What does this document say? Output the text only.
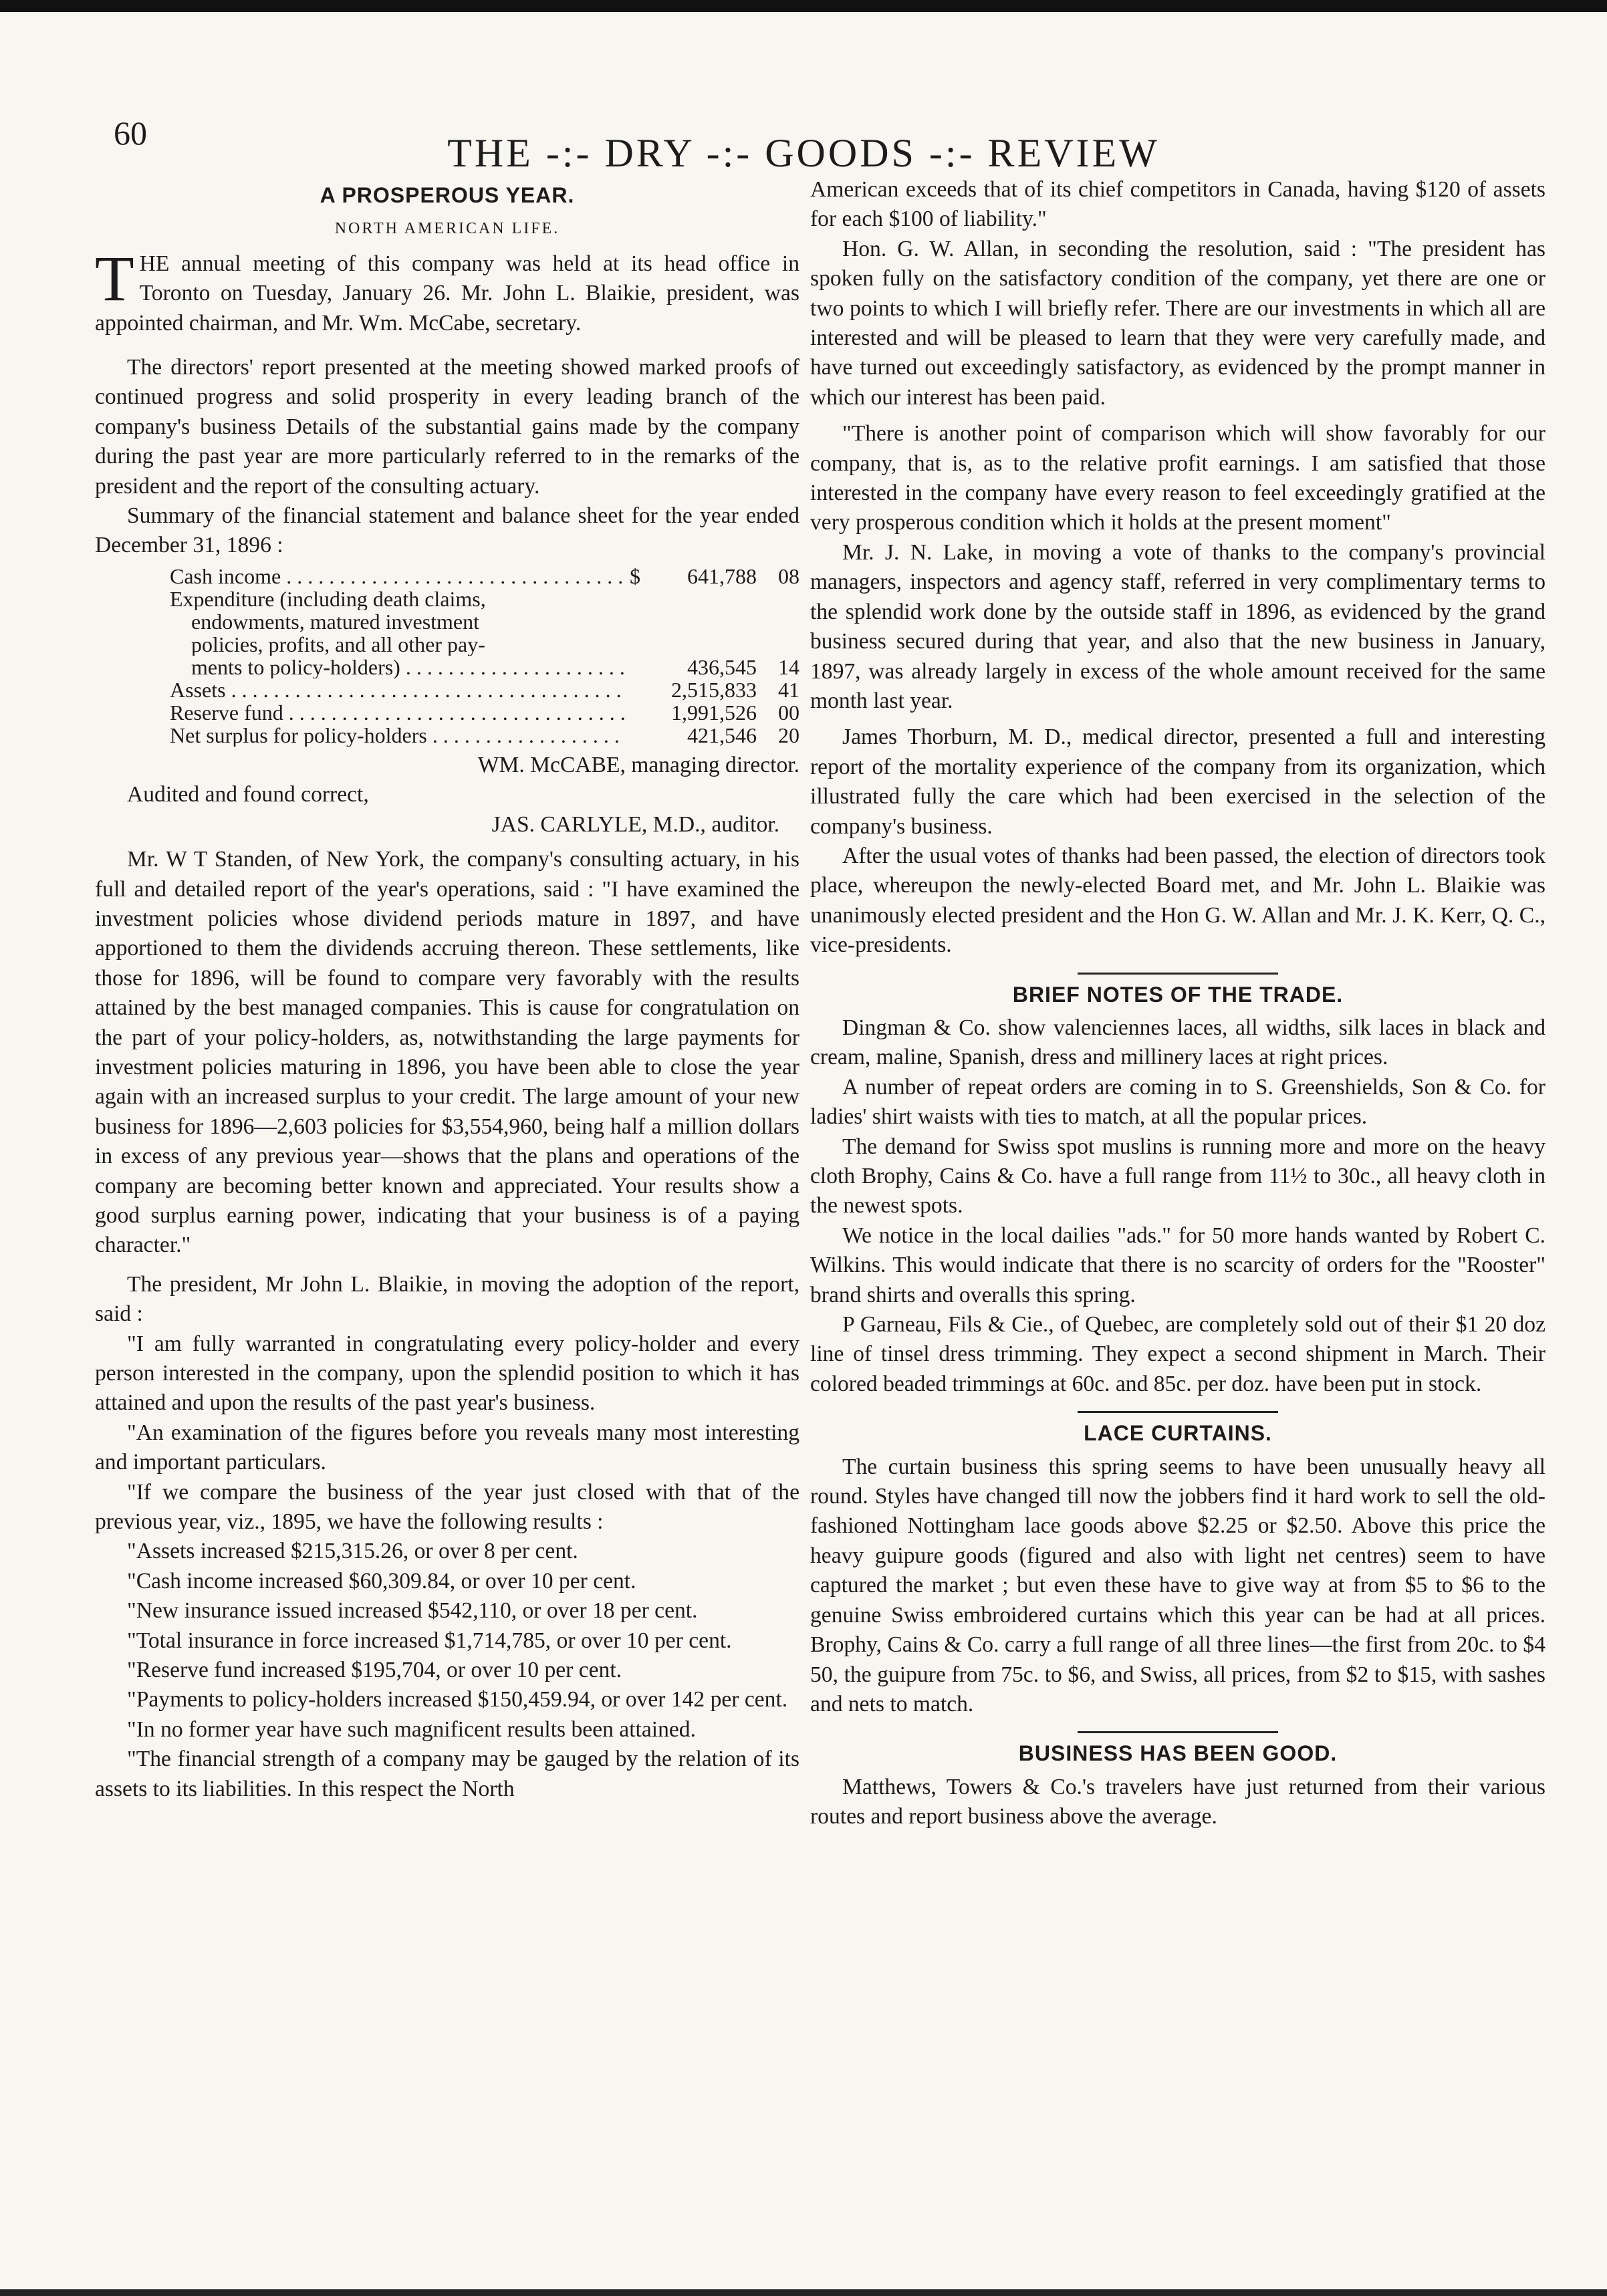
60	THE -:- DRY -:- GOODS -:- REVIEW
A PROSPEROUS YEAR.
NORTH AMERICAN LIFE.

THE annual meeting of this company was held at its head office in Toronto on Tuesday, January 26. Mr. John L. Blaikie, president, was appointed chairman, and Mr. Wm. McCabe, secretary.

The directors' report presented at the meeting showed marked proofs of continued progress and solid prosperity in every leading branch of the company's business Details of the substantial gains made by the company during the past year are more particularly referred to in the remarks of the president and the report of the consulting actuary.

Summary of the financial statement and balance sheet for the year ended December 31, 1896 :

Cash income . . .	$	641,788	08
Expenditure (including death claims,
endowments, matured investment
policies, profits, and all other pay-
ments to policy-holders) . . .	436,545	14
Assets . . .	2,515,833	41
Reserve fund . . .	1,991,526	00
Net surplus for policy-holders . . .	421,546	20
WM. McCABE, managing director.

Audited and found correct,

JAS. CARLYLE, M.D., auditor.

Mr. W T Standen, of New York, the company's consulting actuary, in his full and detailed report of the year's operations, said : "I have examined the investment policies whose dividend periods mature in 1897, and have apportioned to them the dividends accruing thereon. These settlements, like those for 1896, will be found to compare very favorably with the results attained by the best managed companies. This is cause for congratulation on the part of your policy-holders, as, notwithstanding the large payments for investment policies maturing in 1896, you have been able to close the year again with an increased surplus to your credit. The large amount of your new business for 1896—2,603 policies for $3,554,960, being half a million dollars in excess of any previous year—shows that the plans and operations of the company are becoming better known and appreciated. Your results show a good surplus earning power, indicating that your business is of a paying character."

The president, Mr John L. Blaikie, in moving the adoption of the report, said :

"I am fully warranted in congratulating every policy-holder and every person interested in the company, upon the splendid position to which it has attained and upon the results of the past year's business.

"An examination of the figures before you reveals many most interesting and important particulars.

"If we compare the business of the year just closed with that of the previous year, viz., 1895, we have the following results :

"Assets increased $215,315.26, or over 8 per cent.

"Cash income increased $60,309.84, or over 10 per cent.

"New insurance issued increased $542,110, or over 18 per cent.

"Total insurance in force increased $1,714,785, or over 10 per cent.

"Reserve fund increased $195,704, or over 10 per cent.

"Payments to policy-holders increased $150,459.94, or over 142 per cent.

"In no former year have such magnificent results been attained.

"The financial strength of a company may be gauged by the relation of its assets to its liabilities. In this respect the North

American exceeds that of its chief competitors in Canada, having $120 of assets for each $100 of liability."

Hon. G. W. Allan, in seconding the resolution, said : "The president has spoken fully on the satisfactory condition of the company, yet there are one or two points to which I will briefly refer. There are our investments in which all are interested and will be pleased to learn that they were very carefully made, and have turned out exceedingly satisfactory, as evidenced by the prompt manner in which our interest has been paid.

"There is another point of comparison which will show favorably for our company, that is, as to the relative profit earnings. I am satisfied that those interested in the company have every reason to feel exceedingly gratified at the very prosperous condition which it holds at the present moment"

Mr. J. N. Lake, in moving a vote of thanks to the company's provincial managers, inspectors and agency staff, referred in very complimentary terms to the splendid work done by the outside staff in 1896, as evidenced by the grand business secured during that year, and also that the new business in January, 1897, was already largely in excess of the whole amount received for the same month last year.

James Thorburn, M. D., medical director, presented a full and interesting report of the mortality experience of the company from its organization, which illustrated fully the care which had been exercised in the selection of the company's business.

After the usual votes of thanks had been passed, the election of directors took place, whereupon the newly-elected Board met, and Mr. John L. Blaikie was unanimously elected president and the Hon G. W. Allan and Mr. J. K. Kerr, Q. C., vice-presidents.

BRIEF NOTES OF THE TRADE.

Dingman & Co. show valenciennes laces, all widths, silk laces in black and cream, maline, Spanish, dress and millinery laces at right prices.

A number of repeat orders are coming in to S. Greenshields, Son & Co. for ladies' shirt waists with ties to match, at all the popular prices.

The demand for Swiss spot muslins is running more and more on the heavy cloth Brophy, Cains & Co. have a full range from 11½ to 30c., all heavy cloth in the newest spots.

We notice in the local dailies "ads." for 50 more hands wanted by Robert C. Wilkins. This would indicate that there is no scarcity of orders for the "Rooster" brand shirts and overalls this spring.

P Garneau, Fils & Cie., of Quebec, are completely sold out of their $1 20 doz line of tinsel dress trimming. They expect a second shipment in March. Their colored beaded trimmings at 60c. and 85c. per doz. have been put in stock.

LACE CURTAINS.

The curtain business this spring seems to have been unusually heavy all round. Styles have changed till now the jobbers find it hard work to sell the old-fashioned Nottingham lace goods above $2.25 or $2.50. Above this price the heavy guipure goods (figured and also with light net centres) seem to have captured the market ; but even these have to give way at from $5 to $6 to the genuine Swiss embroidered curtains which this year can be had at all prices. Brophy, Cains & Co. carry a full range of all three lines—the first from 20c. to $4 50, the guipure from 75c. to $6, and Swiss, all prices, from $2 to $15, with sashes and nets to match.

BUSINESS HAS BEEN GOOD.

Matthews, Towers & Co.'s travelers have just returned from their various routes and report business above the average.
